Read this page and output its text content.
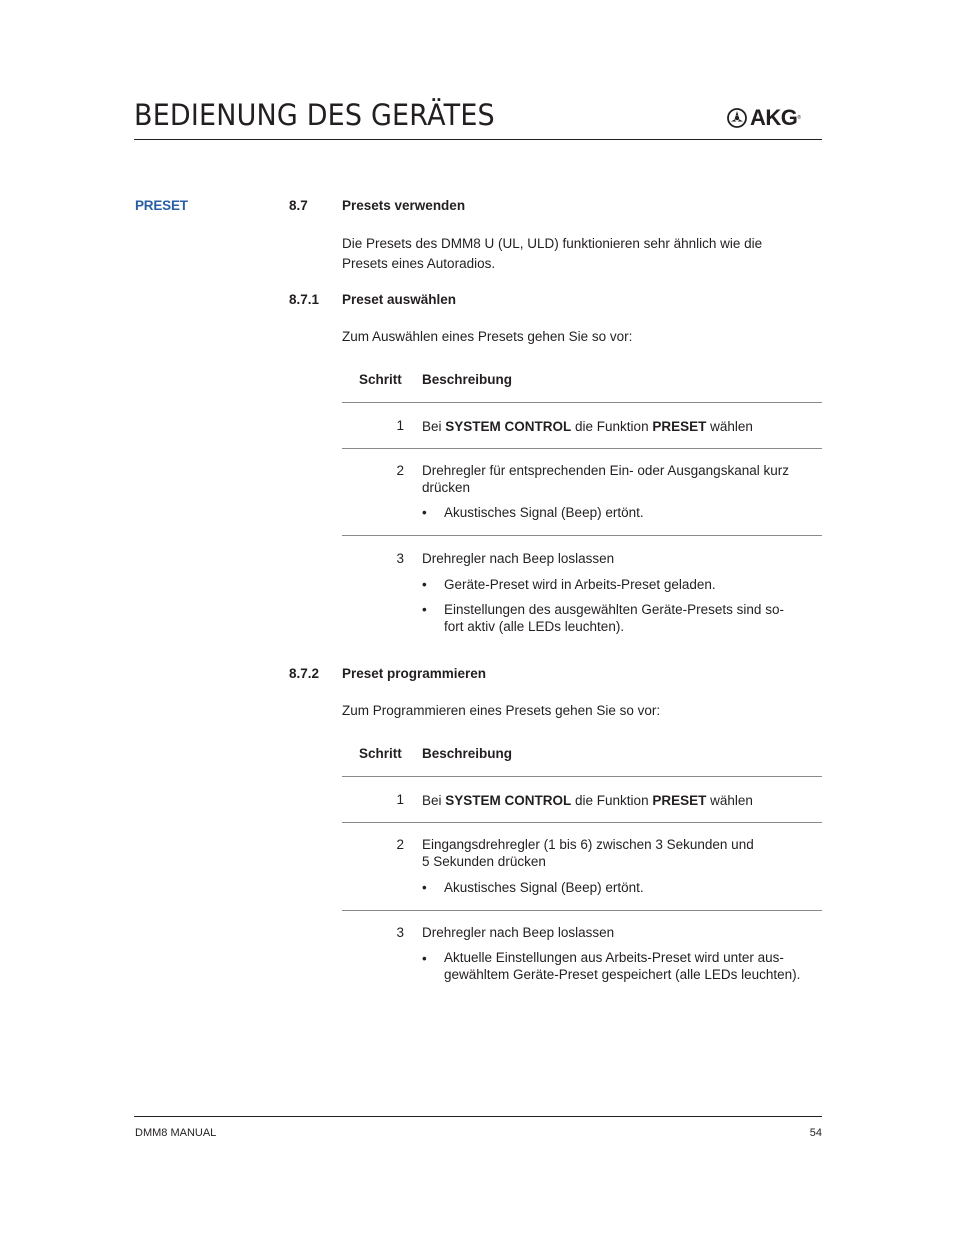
BEDIENUNG DES GERÄTES	AKG ®
PRESET	8.7	Presets verwenden
Die Presets des DMM8 U (UL, ULD) funktionieren sehr ähnlich wie die
Presets eines Autoradios.
8.7.1 Preset auswählen
Zum Auswählen eines Presets gehen Sie so vor:
Schritt Beschreibung
1 Bei SYSTEM CONTROL die Funktion PRESET wählen
2 Drehregler für entsprechenden Ein- oder Ausgangskanal kurz
drücken
• Akustisches Signal (Beep) ertönt.
3 Drehregler nach Beep loslassen
• Geräte-Preset wird in Arbeits-Preset geladen.
• Einstellungen des ausgewählten Geräte-Presets sind so-
fort aktiv (alle LEDs leuchten).
8.7.2 Preset programmieren
Zum Programmieren eines Presets gehen Sie so vor:
Schritt Beschreibung
1 Bei SYSTEM CONTROL die Funktion PRESET wählen
2 Eingangsdrehregler (1 bis 6) zwischen 3 Sekunden und
5 Sekunden drücken
• Akustisches Signal (Beep) ertönt.
3 Drehregler nach Beep loslassen
• Aktuelle Einstellungen aus Arbeits-Preset wird unter aus-
gewähltem Geräte-Preset gespeichert (alle LEDs leuchten).
DMM8 MANUAL	54
